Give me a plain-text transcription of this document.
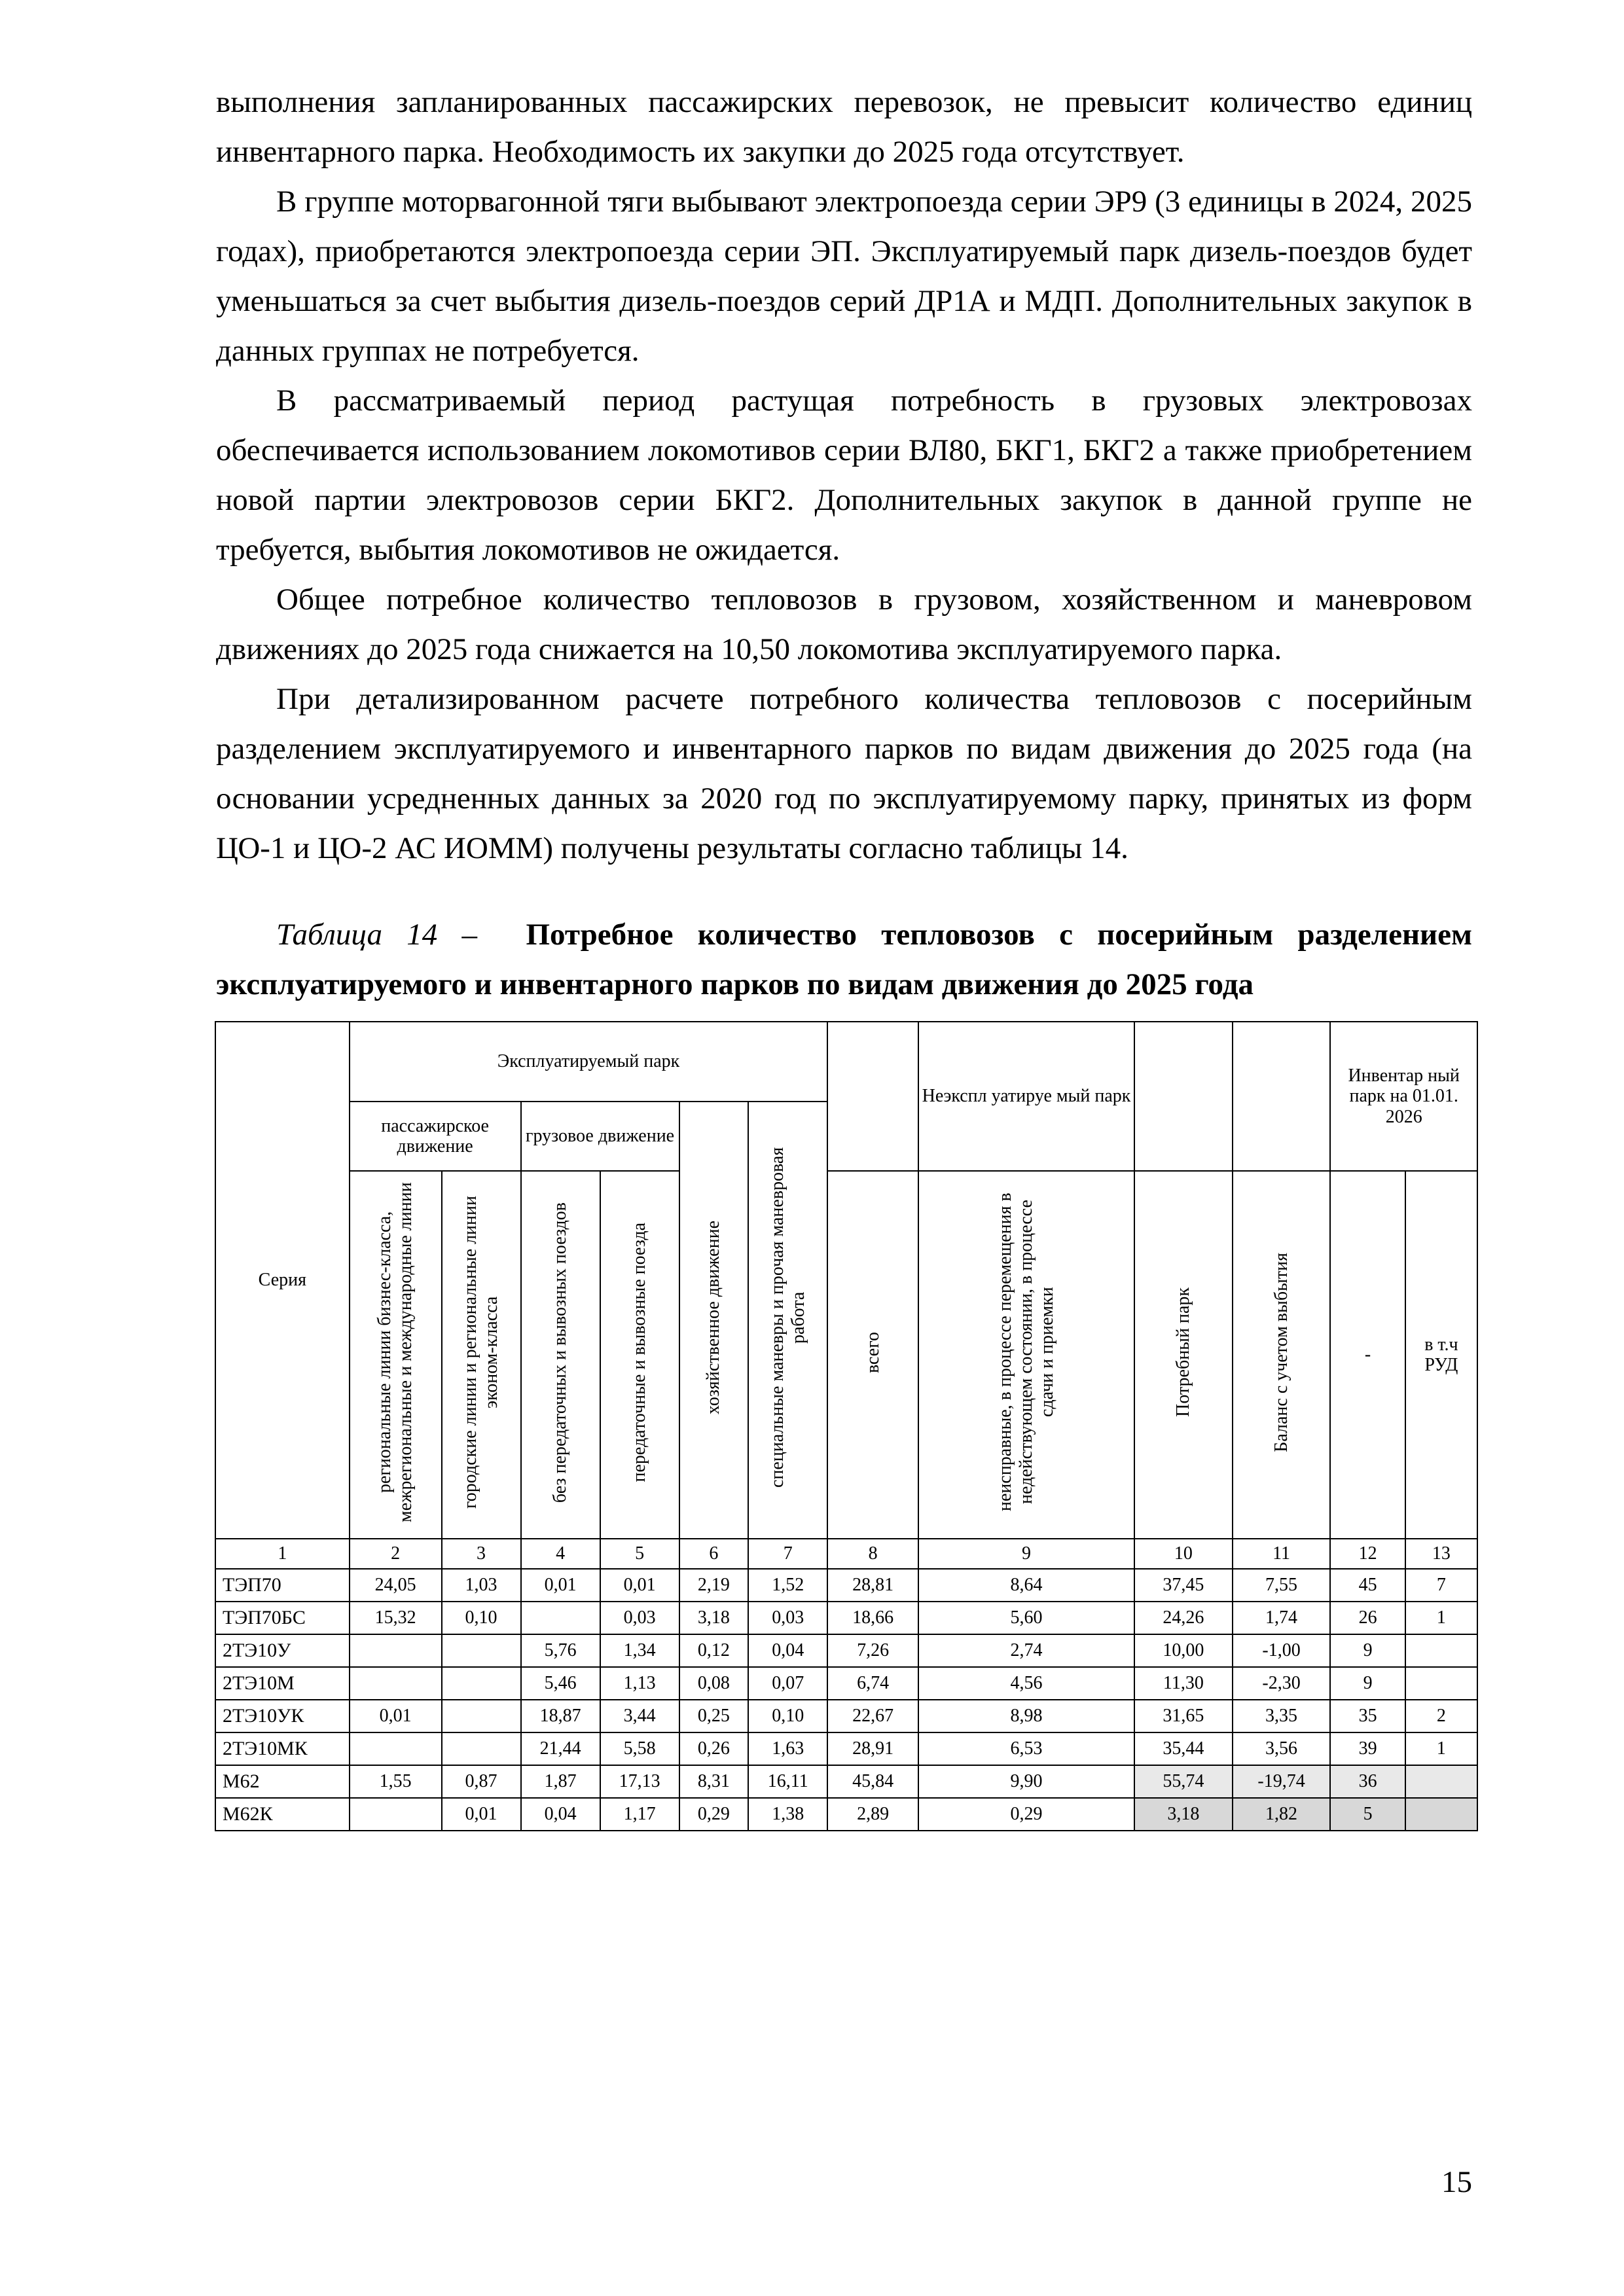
выполнения запланированных пассажирских перевозок, не превысит количество единиц инвентарного парка. Необходимость их закупки до 2025 года отсутствует.

В группе моторвагонной тяги выбывают электропоезда серии ЭР9 (3 единицы в 2024, 2025 годах), приобретаются электропоезда серии ЭП. Эксплуатируемый парк дизель-поездов будет уменьшаться за счет выбытия дизель-поездов серий ДР1А и МДП. Дополнительных закупок в данных группах не потребуется.

В рассматриваемый период растущая потребность в грузовых электровозах обеспечивается использованием локомотивов серии ВЛ80, БКГ1, БКГ2 а также приобретением новой партии электровозов серии БКГ2. Дополнительных закупок в данной группе не требуется, выбытия локомотивов не ожидается.

Общее потребное количество тепловозов в грузовом, хозяйственном и маневровом движениях до 2025 года снижается на 10,50 локомотива эксплуатируемого парка.

При детализированном расчете потребного количества тепловозов с посерийным разделением эксплуатируемого и инвентарного парков по видам движения до 2025 года (на основании усредненных данных за 2020 год по эксплуатируемому парку, принятых из форм ЦО-1 и ЦО-2 АС ИОММ) получены результаты согласно таблицы 14.

Таблица 14 – Потребное количество тепловозов с посерийным разделением эксплуатируемого и инвентарного парков по видам движения до 2025 года

Серия	Эксплуатируемый парк							Неэкспл уатируе мый парк			Инвентар ный парк на 01.01. 2026	
	пассажирское движение		грузовое движение		хозяйственное движение	специальные маневры и прочая маневровая работа						
	региональные линии бизнес-класса, межрегиональные и международные линии	городские линии и региональные линии эконом-класса	без передаточных и вывозных поездов	передаточные и вывозные поезда			всего	неисправные, в процессе перемещения в недействующем состоянии, в процессе сдачи и приемки	Потребный парк	Баланс с учетом выбытия	-	в т.ч РУД
1	2	3	4	5	6	7	8	9	10	11	12	13
ТЭП70	24,05	1,03	0,01	0,01	2,19	1,52	28,81	8,64	37,45	7,55	45	7
ТЭП70БС	15,32	0,10		0,03	3,18	0,03	18,66	5,60	24,26	1,74	26	1
2ТЭ10У			5,76	1,34	0,12	0,04	7,26	2,74	10,00	-1,00	9	
2ТЭ10М			5,46	1,13	0,08	0,07	6,74	4,56	11,30	-2,30	9	
2ТЭ10УК	0,01		18,87	3,44	0,25	0,10	22,67	8,98	31,65	3,35	35	2
2ТЭ10МК			21,44	5,58	0,26	1,63	28,91	6,53	35,44	3,56	39	1
М62	1,55	0,87	1,87	17,13	8,31	16,11	45,84	9,90	55,74	-19,74	36	
М62К		0,01	0,04	1,17	0,29	1,38	2,89	0,29	3,18	1,82	5	
15
